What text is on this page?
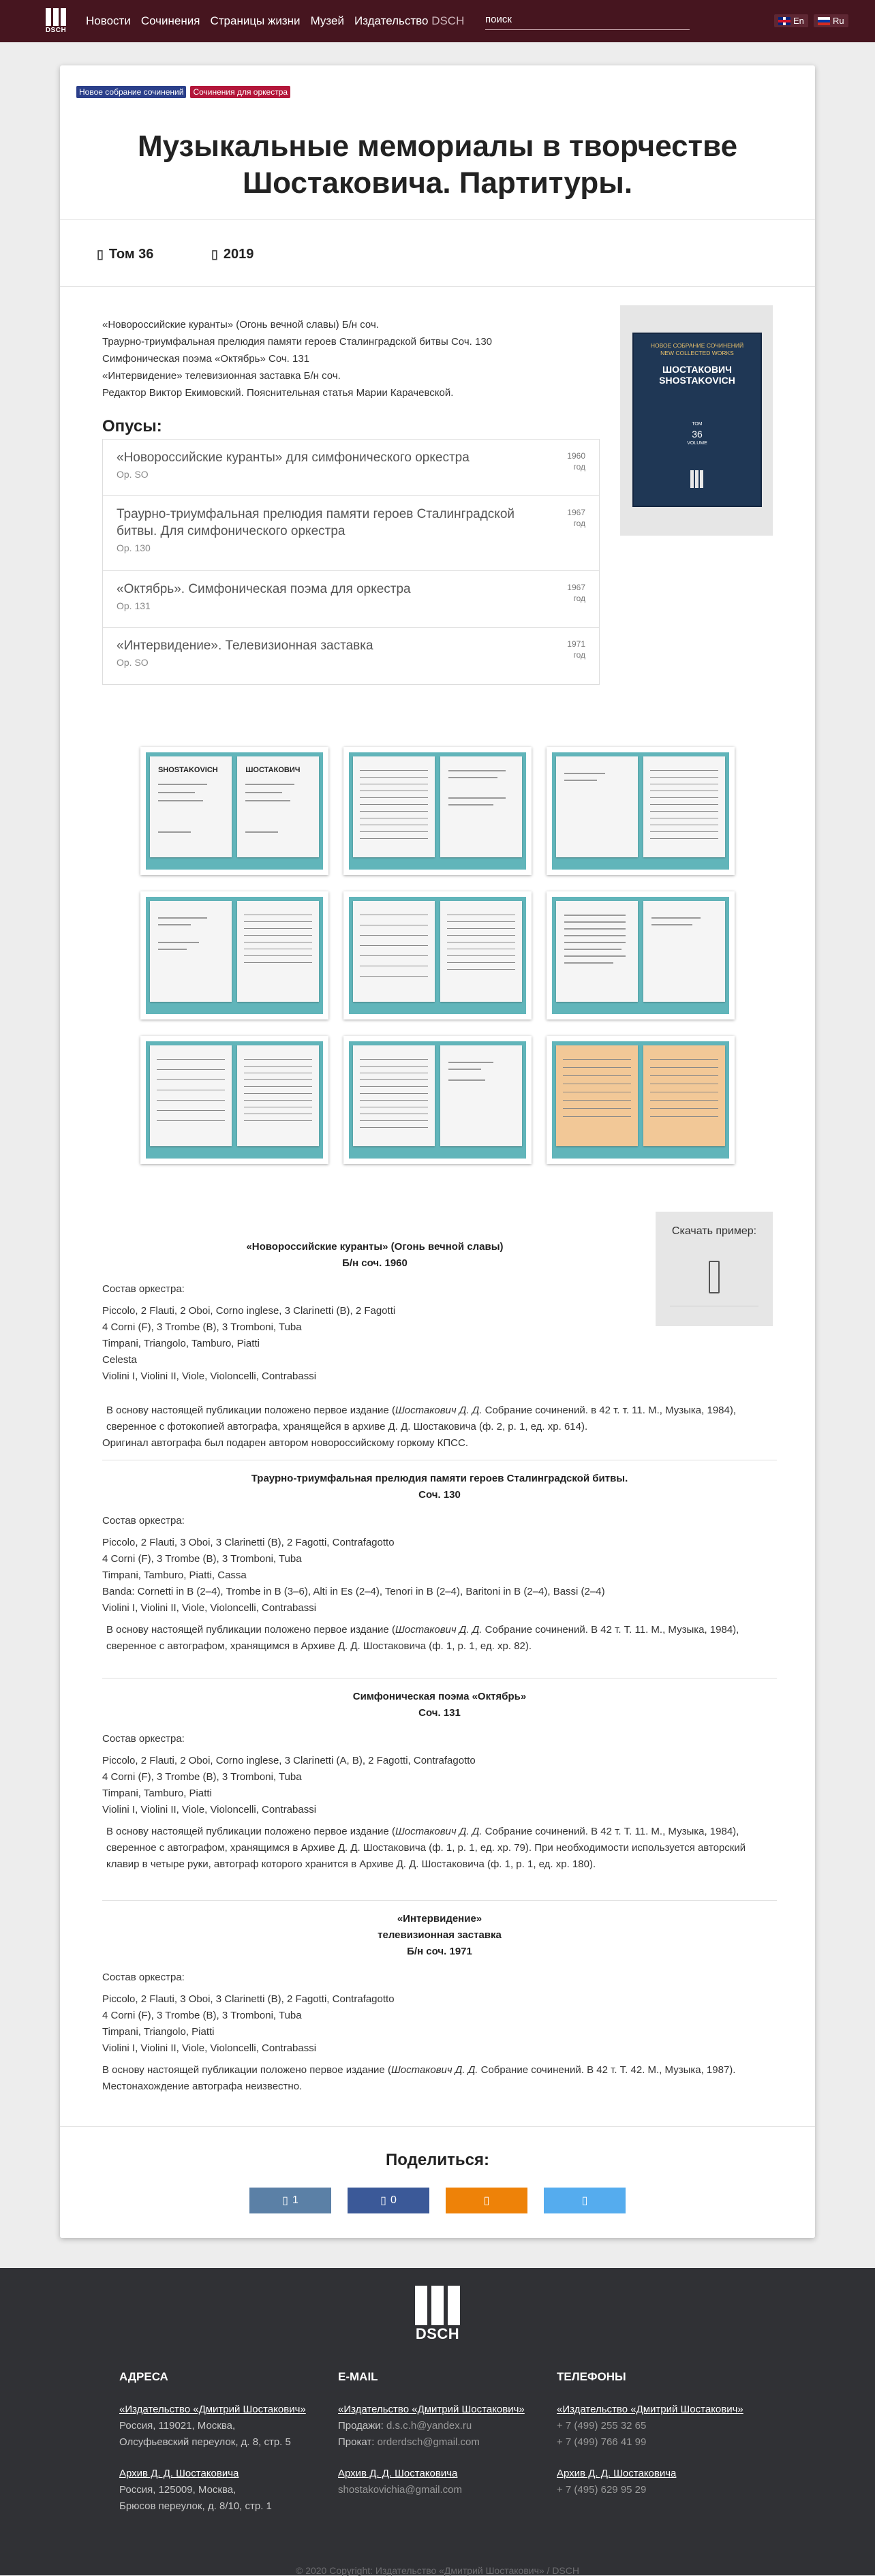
DSCH
Новости Сочинения Страницы жизни Музей Издательство DSCH
поиск	En	Ru
Новое собрание сочинений	Сочинения для оркестра
Музыкальные мемориалы в творчестве Шостаковича. Партитуры.
▯ Том 36	▯ 2019
«Новороссийские куранты» (Огонь вечной славы) Б/н соч.
Траурно-триумфальная прелюдия памяти героев Сталинградской битвы Соч. 130
Симфоническая поэма «Октябрь» Соч. 131
«Интервидение» телевизионная заставка Б/н соч.
Редактор Виктор Екимовский. Пояснительная статья Марии Карачевской.
Опусы:
«Новороссийские куранты» для симфонического оркестра
Op. SO
1960 год
Траурно-триумфальная прелюдия памяти героев Сталинградской битвы. Для симфонического оркестра
Op. 130
1967 год
«Октябрь». Симфоническая поэма для оркестра
Op. 131
1967 год
«Интервидение». Телевизионная заставка
Op. SO
1971 год
НОВОЕ СОБРАНИЕ СОЧИНЕНИЙ
NEW COLLECTED WORKS
ШОСТАКОВИЧ
SHOSTAKOVICH
ТОМ
36
VOLUME
SHOSTAKOVICH	ШОСТАКОВИЧ
Скачать пример:
«Новороссийские куранты» (Огонь вечной славы)
Б/н соч. 1960
Состав оркестра:
Piccolo, 2 Flauti, 2 Oboi, Corno inglese, 3 Clarinetti (B), 2 Fagotti
4 Corni (F), 3 Trombe (B), 3 Tromboni, Tuba
Timpani, Triangolo, Tamburo, Piatti
Celesta
Violini I, Violini II, Viole, Violoncelli, Contrabassi

В основу настоящей публикации положено первое издание (Шостакович Д. Д. Собрание сочинений. в 42 т. т. 11. М., Музыка, 1984), сверенное с фотокопией автографа, хранящейся в архиве Д. Д. Шостаковича (ф. 2, р. 1, ед. хр. 614).

Оригинал автографа был подарен автором новороссийскому горкому КПСС.

Траурно-триумфальная прелюдия памяти героев Сталинградской битвы.
Соч. 130
Состав оркестра:
Piccolo, 2 Flauti, 3 Oboi, 3 Clarinetti (B), 2 Fagotti, Contrafagotto
4 Corni (F), 3 Trombe (B), 3 Tromboni, Tuba
Timpani, Tamburo, Piatti, Cassa
Banda: Cornetti in B (2–4), Trombe in B (3–6), Alti in Es (2–4), Tenori in B (2–4), Baritoni in B (2–4), Bassi (2–4)
Violini I, Violini II, Viole, Violoncelli, Contrabassi

В основу настоящей публикации положено первое издание (Шостакович Д. Д. Собрание сочинений. В 42 т. Т. 11. М., Музыка, 1984), сверенное с автографом, хранящимся в Архиве Д. Д. Шостаковича (ф. 1, р. 1, ед. хр. 82).

Симфоническая поэма «Октябрь»
Соч. 131
Состав оркестра:
Piccolo, 2 Flauti, 2 Oboi, Corno inglese, 3 Clarinetti (A, B), 2 Fagotti, Contrafagotto
4 Corni (F), 3 Trombe (B), 3 Tromboni, Tuba
Timpani, Tamburo, Piatti
Violini I, Violini II, Viole, Violoncelli, Contrabassi

В основу настоящей публикации положено первое издание (Шостакович Д. Д. Собрание сочинений. В 42 т. Т. 11. М., Музыка, 1984), сверенное с автографом, хранящимся в Архиве Д. Д. Шостаковича (ф. 1, р. 1, ед. хр. 79). При необходимости используется авторский клавир в четыре руки, автограф которого хранится в Архиве Д. Д. Шостаковича (ф. 1, р. 1, ед. хр. 180).

«Интервидение»
телевизионная заставка
Б/н соч. 1971
Состав оркестра:
Piccolo, 2 Flauti, 3 Oboi, 3 Clarinetti (B), 2 Fagotti, Contrafagotto
4 Corni (F), 3 Trombe (B), 3 Tromboni, Tuba
Timpani, Triangolo, Piatti
Violini I, Violini II, Viole, Violoncelli, Contrabassi

В основу настоящей публикации положено первое издание (Шостакович Д. Д. Собрание сочинений. В 42 т. Т. 42. М., Музыка, 1987).

Местонахождение автографа неизвестно.

Поделиться:
▯ 1	▯ 0	▯	▯
DSCH
АДРЕСА
«Издательство «Дмитрий Шостакович»
Россия, 119021, Москва,
Олсуфьевский переулок, д. 8, стр. 5
Архив Д. Д. Шостаковича
Россия, 125009, Москва,
Брюсов переулок, д. 8/10, стр. 1
E-MAIL
«Издательство «Дмитрий Шостакович»
Продажи: d.s.c.h@yandex.ru
Прокат: orderdsch@gmail.com
Архив Д. Д. Шостаковича
shostakovichia@gmail.com
ТЕЛЕФОНЫ
«Издательство «Дмитрий Шостакович»
+ 7 (499) 255 32 65
+ 7 (499) 766 41 99
Архив Д. Д. Шостаковича
+ 7 (495) 629 95 29
© 2020 Copyright: Издательство «Дмитрий Шостакович» / DSCH
